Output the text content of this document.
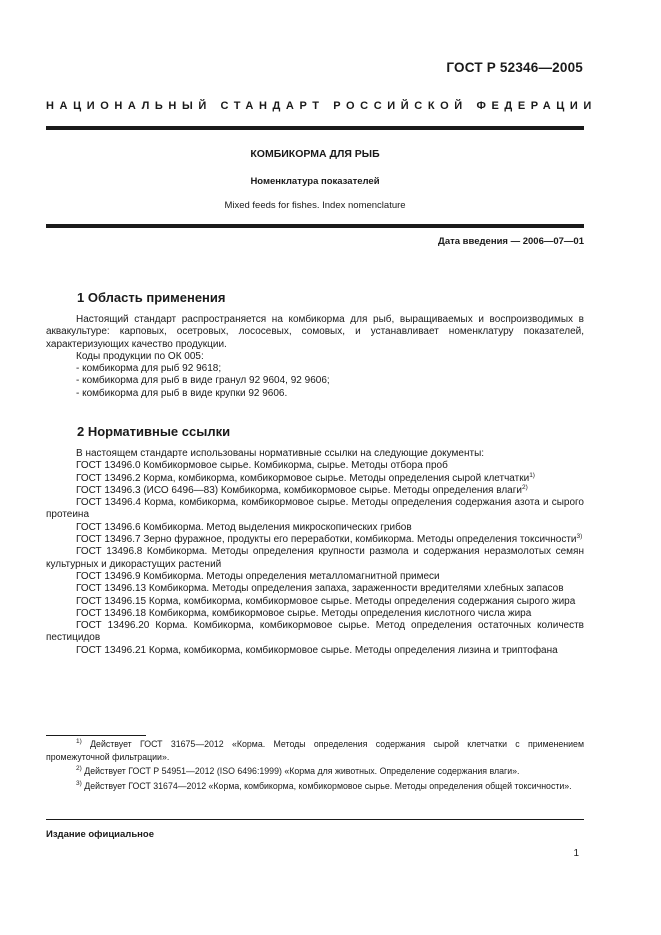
ГОСТ Р 52346—2005
НАЦИОНАЛЬНЫЙ СТАНДАРТ РОССИЙСКОЙ ФЕДЕРАЦИИ
КОМБИКОРМА ДЛЯ РЫБ
Номенклатура показателей
Mixed feeds for fishes. Index nomenclature
Дата введения — 2006—07—01
1 Область применения

Настоящий стандарт распространяется на комбикорма для рыб, выращиваемых и воспроизводимых в аквакультуре: карповых, осетровых, лососевых, сомовых, и устанавливает номенклатуру показателей, характеризующих качество продукции.

Коды продукции по ОК 005:

- комбикорма для рыб 92 9618;

- комбикорма для рыб в виде гранул 92 9604, 92 9606;

- комбикорма для рыб в виде крупки 92 9606.

2 Нормативные ссылки

В настоящем стандарте использованы нормативные ссылки на следующие документы:

ГОСТ 13496.0 Комбикормовое сырье. Комбикорма, сырье. Методы отбора проб

ГОСТ 13496.2 Корма, комбикорма, комбикормовое сырье. Методы определения сырой клетчатки$^{1)}$

ГОСТ 13496.3 (ИСО 6496—83) Комбикорма, комбикормовое сырье. Методы определения влаги$^{2)}$

ГОСТ 13496.4 Корма, комбикорма, комбикормовое сырье. Методы определения содержания азота и сырого протеина

ГОСТ 13496.6 Комбикорма. Метод выделения микроскопических грибов

ГОСТ 13496.7 Зерно фуражное, продукты его переработки, комбикорма. Методы определения токсичности$^{3)}$

ГОСТ 13496.8 Комбикорма. Методы определения крупности размола и содержания неразмолотых семян культурных и дикорастущих растений

ГОСТ 13496.9 Комбикорма. Методы определения металломагнитной примеси

ГОСТ 13496.13 Комбикорма. Методы определения запаха, зараженности вредителями хлебных запасов

ГОСТ 13496.15 Корма, комбикорма, комбикормовое сырье. Методы определения содержания сырого жира

ГОСТ 13496.18 Комбикорма, комбикормовое сырье. Методы определения кислотного числа жира

ГОСТ 13496.20 Корма. Комбикорма, комбикормовое сырье. Метод определения остаточных количеств пестицидов

ГОСТ 13496.21 Корма, комбикорма, комбикормовое сырье. Методы определения лизина и триптофана

$^{1)}$ Действует ГОСТ 31675—2012 «Корма. Методы определения содержания сырой клетчатки с применением промежуточной фильтрации».

$^{2)}$ Действует ГОСТ Р 54951—2012 (ISO 6496:1999) «Корма для животных. Определение содержания влаги».

$^{3)}$ Действует ГОСТ 31674—2012 «Корма, комбикорма, комбикормовое сырье. Методы определения общей токсичности».

Издание официальное
1
